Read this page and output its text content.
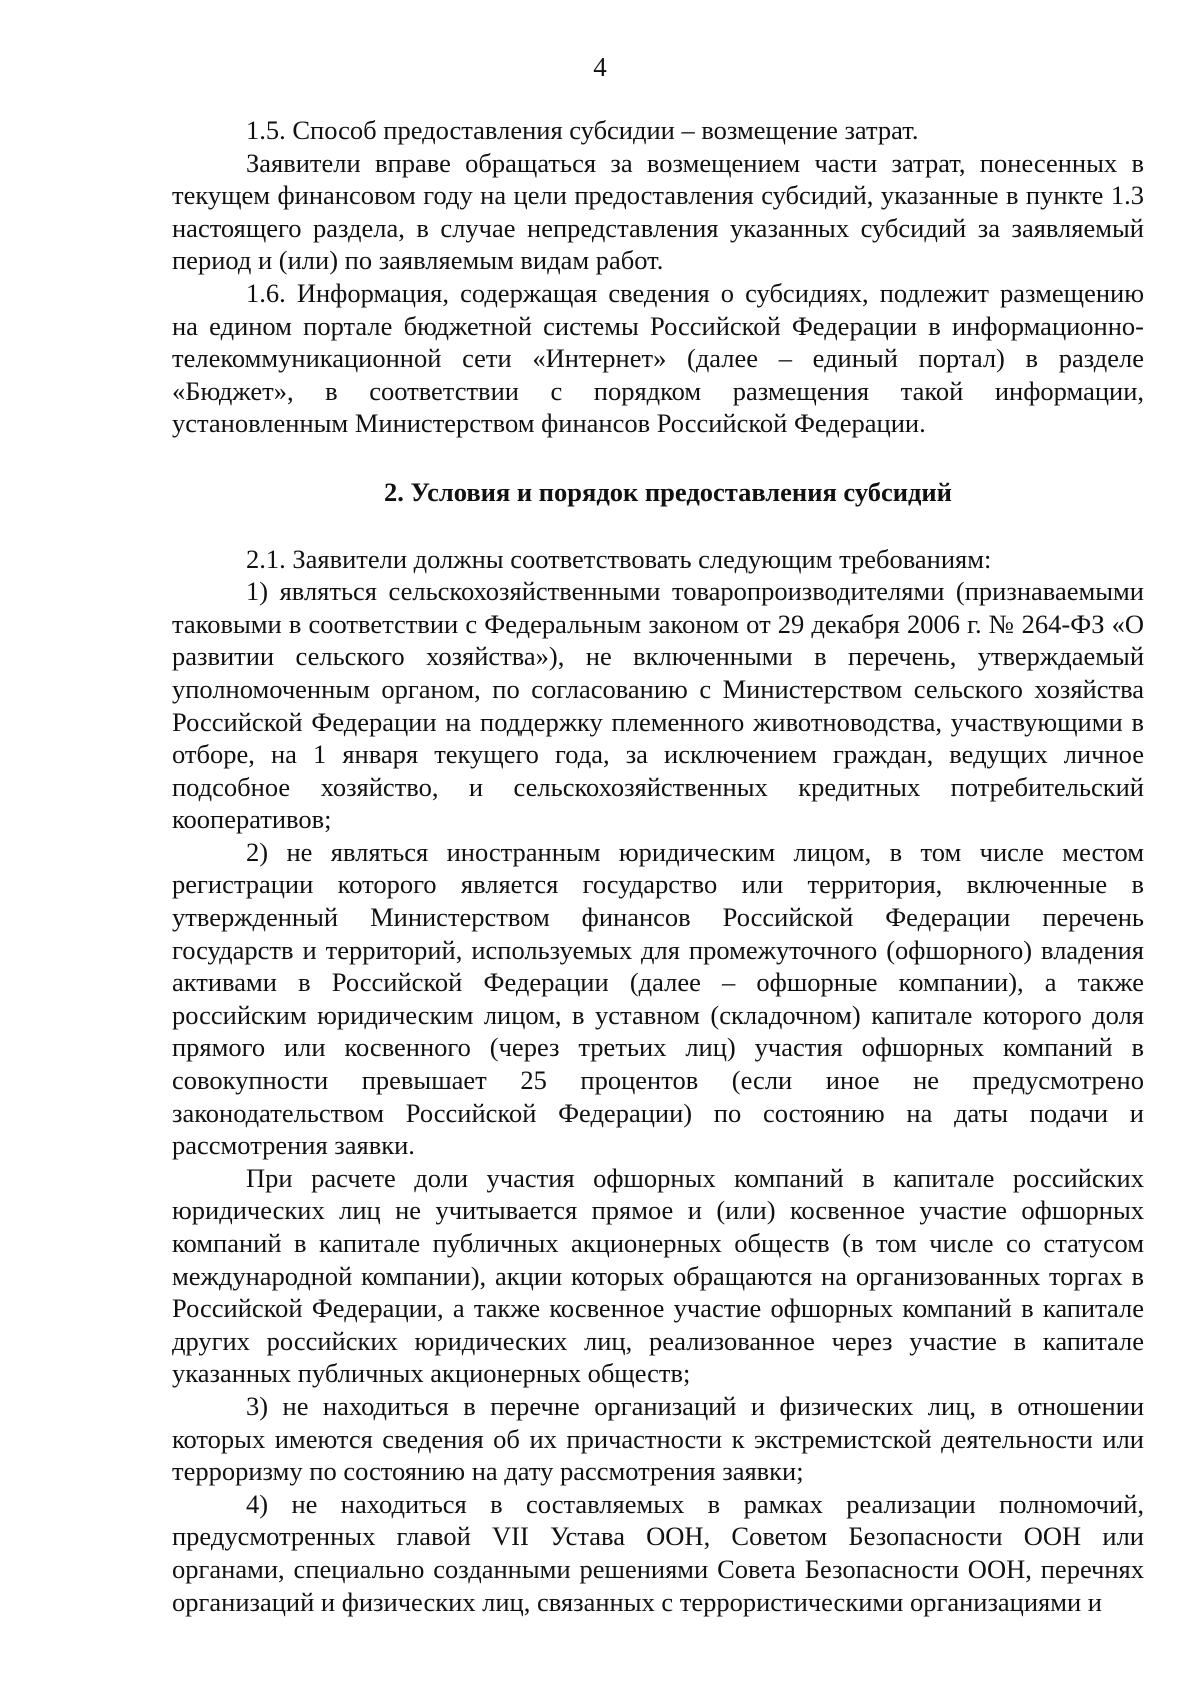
4

1.5. Способ предоставления субсидии – возмещение затрат.

Заявители вправе обращаться за возмещением части затрат, понесенных в текущем финансовом году на цели предоставления субсидий, указанные в пункте 1.3 настоящего раздела, в случае непредставления указанных субсидий за заявляемый период и (или) по заявляемым видам работ.

1.6. Информация, содержащая сведения о субсидиях, подлежит размещению на едином портале бюджетной системы Российской Федерации в информационно-телекоммуникационной сети «Интернет» (далее – единый портал) в разделе «Бюджет», в соответствии с порядком размещения такой информации, установленным Министерством финансов Российской Федерации.

2. Условия и порядок предоставления субсидий

2.1. Заявители должны соответствовать следующим требованиям:

1) являться сельскохозяйственными товаропроизводителями (признаваемыми таковыми в соответствии с Федеральным законом от 29 декабря 2006 г. № 264-ФЗ «О развитии сельского хозяйства»), не включенными в перечень, утверждаемый уполномоченным органом, по согласованию с Министерством сельского хозяйства Российской Федерации на поддержку племенного животноводства, участвующими в отборе, на 1 января текущего года, за исключением граждан, ведущих личное подсобное хозяйство, и сельскохозяйственных кредитных потребительский кооперативов;

2) не являться иностранным юридическим лицом, в том числе местом регистрации которого является государство или территория, включенные в утвержденный Министерством финансов Российской Федерации перечень государств и территорий, используемых для промежуточного (офшорного) владения активами в Российской Федерации (далее – офшорные компании), а также российским юридическим лицом, в уставном (складочном) капитале которого доля прямого или косвенного (через третьих лиц) участия офшорных компаний в совокупности превышает 25 процентов (если иное не предусмотрено законодательством Российской Федерации) по состоянию на даты подачи и рассмотрения заявки.

При расчете доли участия офшорных компаний в капитале российских юридических лиц не учитывается прямое и (или) косвенное участие офшорных компаний в капитале публичных акционерных обществ (в том числе со статусом международной компании), акции которых обращаются на организованных торгах в Российской Федерации, а также косвенное участие офшорных компаний в капитале других российских юридических лиц, реализованное через участие в капитале указанных публичных акционерных обществ;

3) не находиться в перечне организаций и физических лиц, в отношении которых имеются сведения об их причастности к экстремистской деятельности или терроризму по состоянию на дату рассмотрения заявки;

4) не находиться в составляемых в рамках реализации полномочий, предусмотренных главой VII Устава ООН, Советом Безопасности ООН или органами, специально созданными решениями Совета Безопасности ООН, перечнях организаций и физических лиц, связанных с террористическими организациями и
